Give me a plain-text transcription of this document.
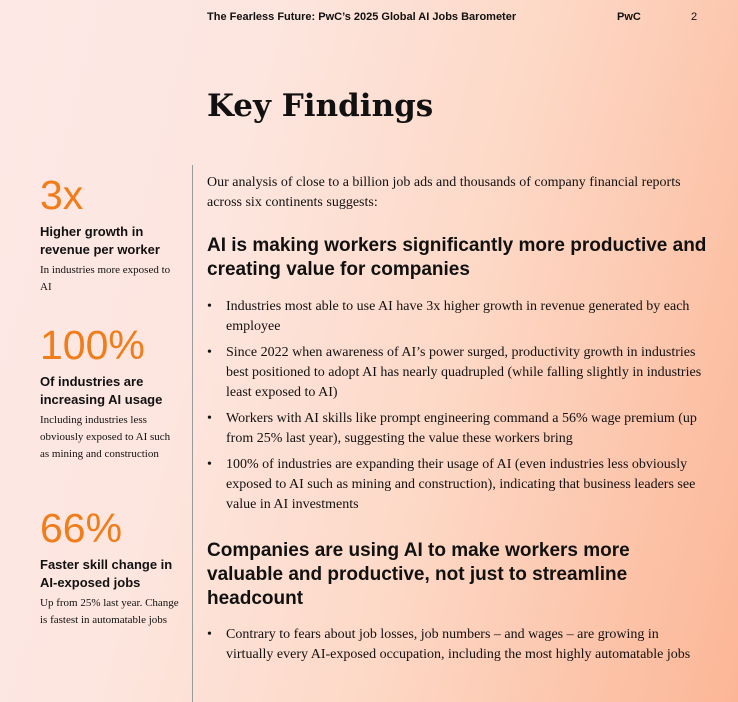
The Fearless Future: PwC’s 2025 Global AI Jobs Barometer	PwC	2
Key Findings
3x
Higher growth in revenue per worker
In industries more exposed to AI
100%
Of industries are increasing AI usage
Including industries less obviously exposed to AI such as mining and construction
66%
Faster skill change in AI-exposed jobs
Up from 25% last year. Change is fastest in automatable jobs

Our analysis of close to a billion job ads and thousands of company financial reports across six continents suggests:

AI is making workers significantly more productive and creating value for companies
• Industries most able to use AI have 3x higher growth in revenue generated by each employee
• Since 2022 when awareness of AI’s power surged, productivity growth in industries best positioned to adopt AI has nearly quadrupled (while falling slightly in industries least exposed to AI)
• Workers with AI skills like prompt engineering command a 56% wage premium (up from 25% last year), suggesting the value these workers bring
• 100% of industries are expanding their usage of AI (even industries less obviously exposed to AI such as mining and construction), indicating that business leaders see value in AI investments
Companies are using AI to make workers more valuable and productive, not just to streamline headcount
• Contrary to fears about job losses, job numbers – and wages – are growing in virtually every AI-exposed occupation, including the most highly automatable jobs
